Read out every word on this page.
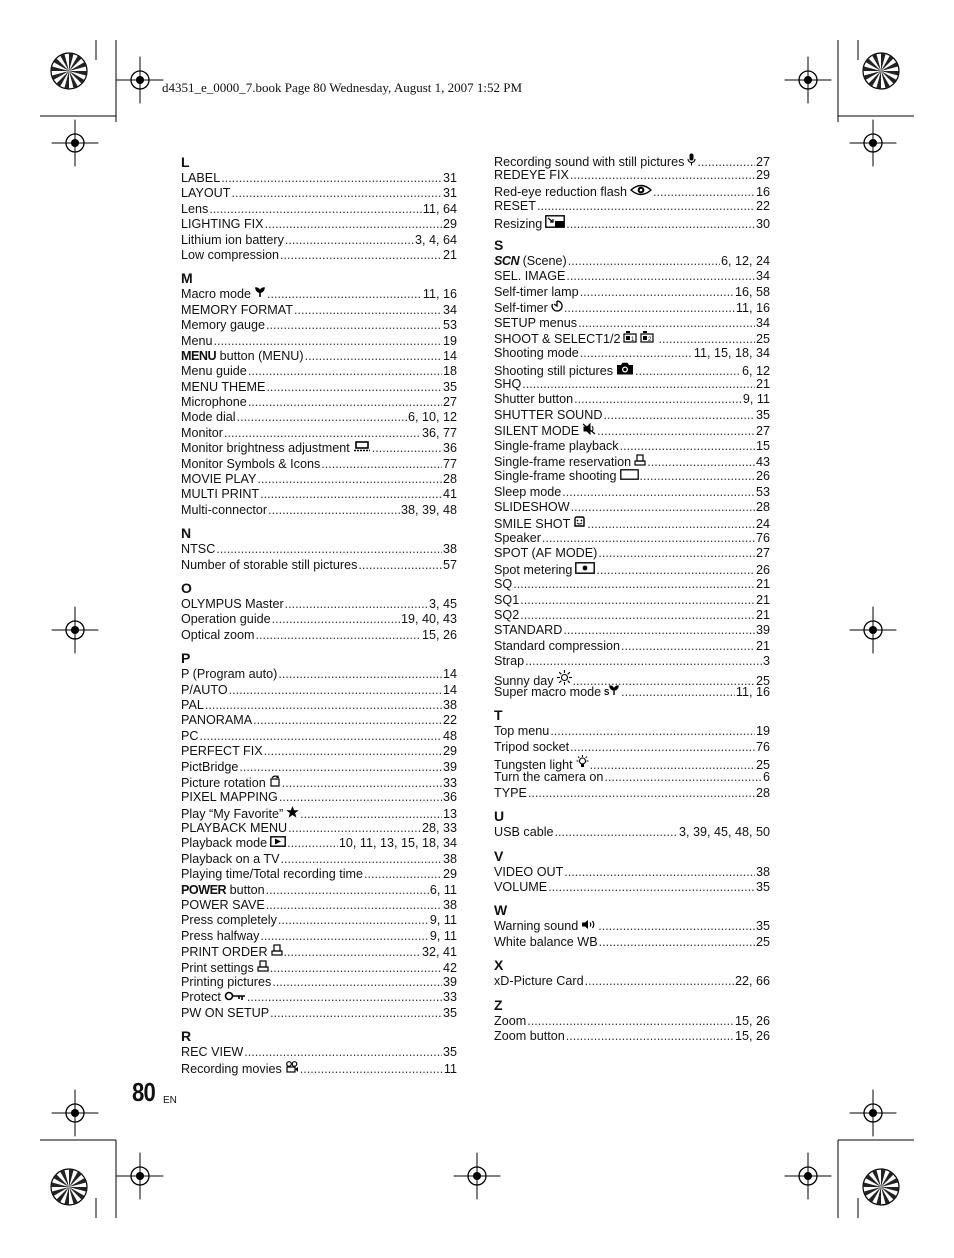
d4351_e_0000_7.book Page 80 Wednesday, August 1, 2007 1:52 PM
L
LABEL .....	31
LAYOUT .....	31
Lens .....	11, 64
LIGHTING FIX .....	29
Lithium ion battery .....	3, 4, 64
Low compression .....	21
M
Macro mode .....	11, 16
MEMORY FORMAT .....	34
Memory gauge .....	53
Menu .....	19
MENU button (MENU) .....	14
Menu guide .....	18
MENU THEME .....	35
Microphone .....	27
Mode dial .....	6, 10, 12
Monitor .....	36, 77
Monitor brightness adjustment .....	36
Monitor Symbols & Icons .....	77
MOVIE PLAY .....	28
MULTI PRINT .....	41
Multi-connector .....	38, 39, 48
N
NTSC .....	38
Number of storable still pictures .....	57
O
OLYMPUS Master .....	3, 45
Operation guide .....	19, 40, 43
Optical zoom .....	15, 26
P
P (Program auto) .....	14
P/AUTO .....	14
PAL .....	38
PANORAMA .....	22
PC .....	48
PERFECT FIX .....	29
PictBridge .....	39
Picture rotation .....	33
PIXEL MAPPING .....	36
Play “My Favorite” .....	13
PLAYBACK MENU .....	28, 33
Playback mode .....	10, 11, 13, 15, 18, 34
Playback on a TV .....	38
Playing time/Total recording time .....	29
POWER button .....	6, 11
POWER SAVE .....	38
Press completely .....	9, 11
Press halfway .....	9, 11
PRINT ORDER .....	32, 41
Print settings .....	42
Printing pictures .....	39
Protect .....	33
PW ON SETUP .....	35
R
REC VIEW .....	35
Recording movies .....	11
Recording sound with still pictures .....	27
REDEYE FIX .....	29
Red-eye reduction flash .....	16
RESET .....	22
Resizing .....	30
S
SCN (Scene) .....	6, 12, 24
SEL. IMAGE .....	34
Self-timer lamp .....	16, 58
Self-timer .....	11, 16
SETUP menus .....	34
SHOOT & SELECT1/2 1 2 .....	25
Shooting mode .....	11, 15, 18, 34
Shooting still pictures .....	6, 12
SHQ .....	21
Shutter button .....	9, 11
SHUTTER SOUND .....	35
SILENT MODE .....	27
Single-frame playback .....	15
Single-frame reservation .....	43
Single-frame shooting .....	26
Sleep mode .....	53
SLIDESHOW .....	28
SMILE SHOT .....	24
Speaker .....	76
SPOT (AF MODE) .....	27
Spot metering .....	26
SQ .....	21
SQ1 .....	21
SQ2 .....	21
STANDARD .....	39
Standard compression .....	21
Strap .....	3
Sunny day .....	25
Super macro mode S .....	11, 16
T
Top menu .....	19
Tripod socket .....	76
Tungsten light .....	25
Turn the camera on .....	6
TYPE .....	28
U
USB cable .....	3, 39, 45, 48, 50
V
VIDEO OUT .....	38
VOLUME .....	35
W
Warning sound .....	35
White balance WB .....	25
X
xD-Picture Card .....	22, 66
Z
Zoom .....	15, 26
Zoom button .....	15, 26
80 EN
